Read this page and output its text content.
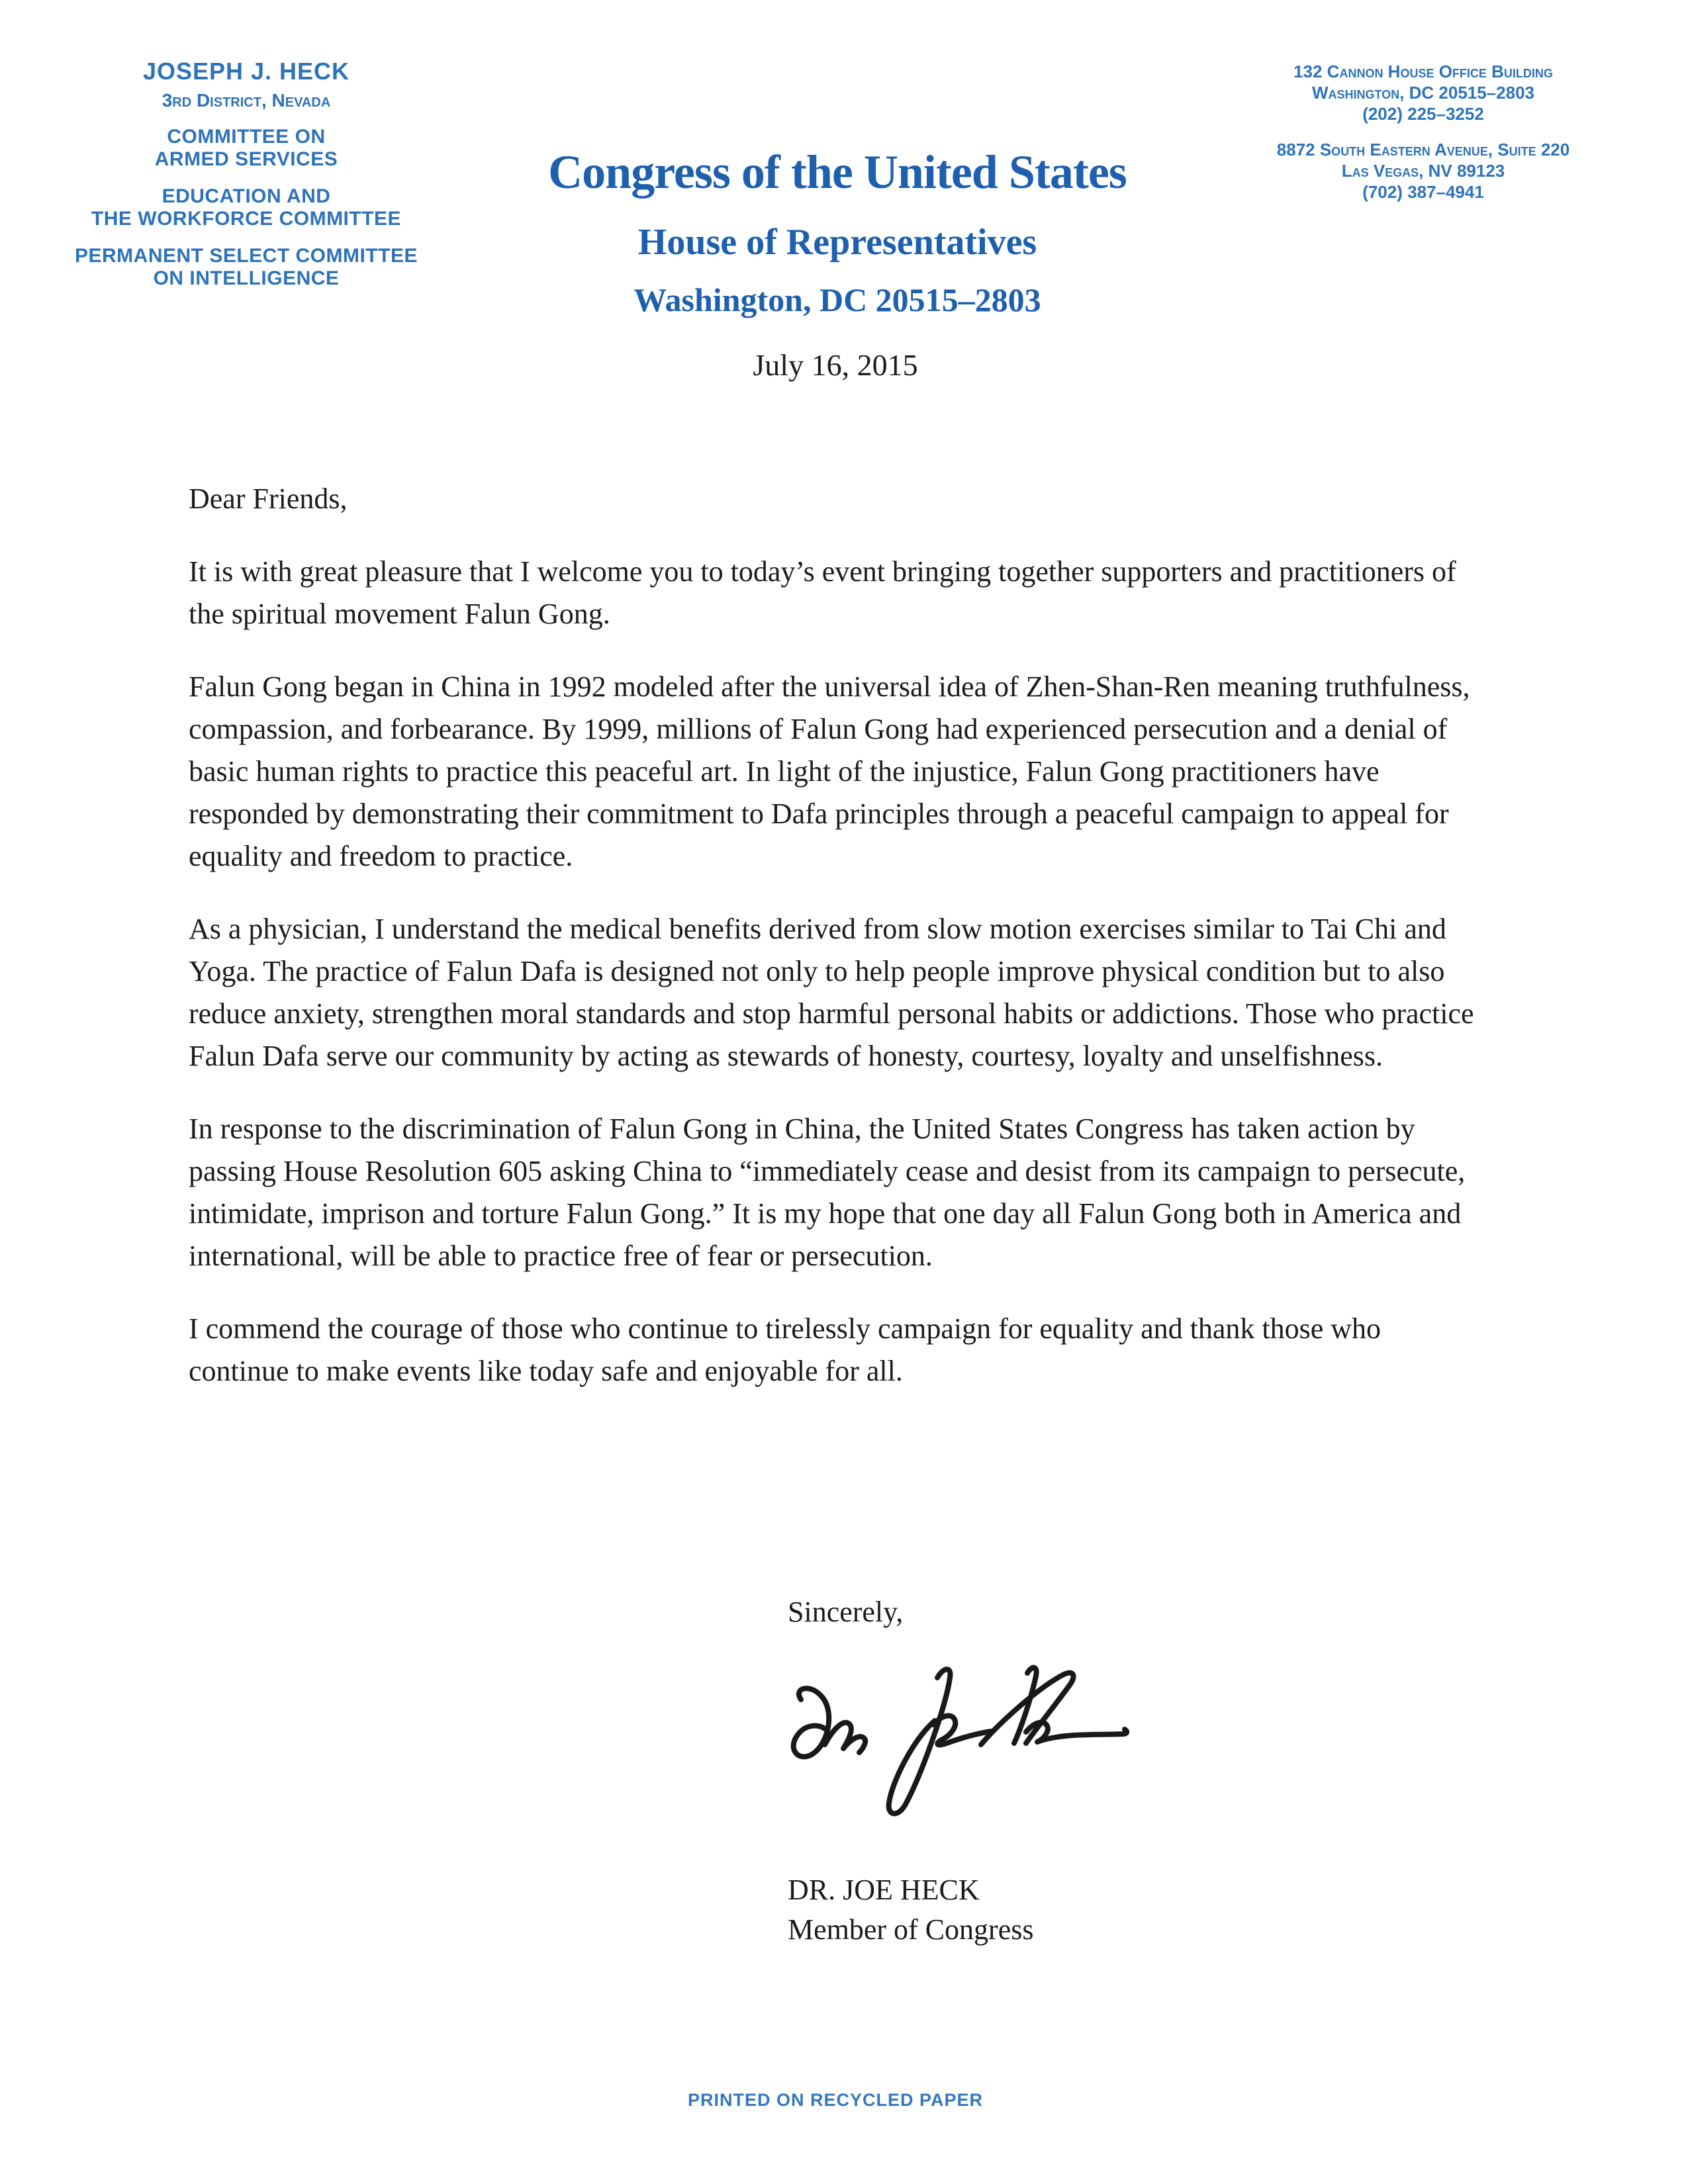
JOSEPH J. HECK
3rd District, Nevada
COMMITTEE ON
ARMED SERVICES
EDUCATION AND
THE WORKFORCE COMMITTEE
PERMANENT SELECT COMMITTEE
ON INTELLIGENCE
132 Cannon House Office Building
Washington, DC 20515–2803
(202) 225–3252
8872 South Eastern Avenue, Suite 220
Las Vegas, NV 89123
(702) 387–4941
Congress of the United States
House of Representatives
Washington, DC 20515–2803
July 16, 2015

Dear Friends,

It is with great pleasure that I welcome you to today’s event bringing together supporters and practitioners of the spiritual movement Falun Gong.

Falun Gong began in China in 1992 modeled after the universal idea of Zhen-Shan-Ren meaning truthfulness, compassion, and forbearance. By 1999, millions of Falun Gong had experienced persecution and a denial of basic human rights to practice this peaceful art. In light of the injustice, Falun Gong practitioners have responded by demonstrating their commitment to Dafa principles through a peaceful campaign to appeal for equality and freedom to practice.

As a physician, I understand the medical benefits derived from slow motion exercises similar to Tai Chi and Yoga. The practice of Falun Dafa is designed not only to help people improve physical condition but to also reduce anxiety, strengthen moral standards and stop harmful personal habits or addictions. Those who practice Falun Dafa serve our community by acting as stewards of honesty, courtesy, loyalty and unselfishness.

In response to the discrimination of Falun Gong in China, the United States Congress has taken action by passing House Resolution 605 asking China to “immediately cease and desist from its campaign to persecute, intimidate, imprison and torture Falun Gong.” It is my hope that one day all Falun Gong both in America and international, will be able to practice free of fear or persecution.

I commend the courage of those who continue to tirelessly campaign for equality and thank those who continue to make events like today safe and enjoyable for all.

Sincerely,
DR. JOE HECK
Member of Congress
PRINTED ON RECYCLED PAPER
